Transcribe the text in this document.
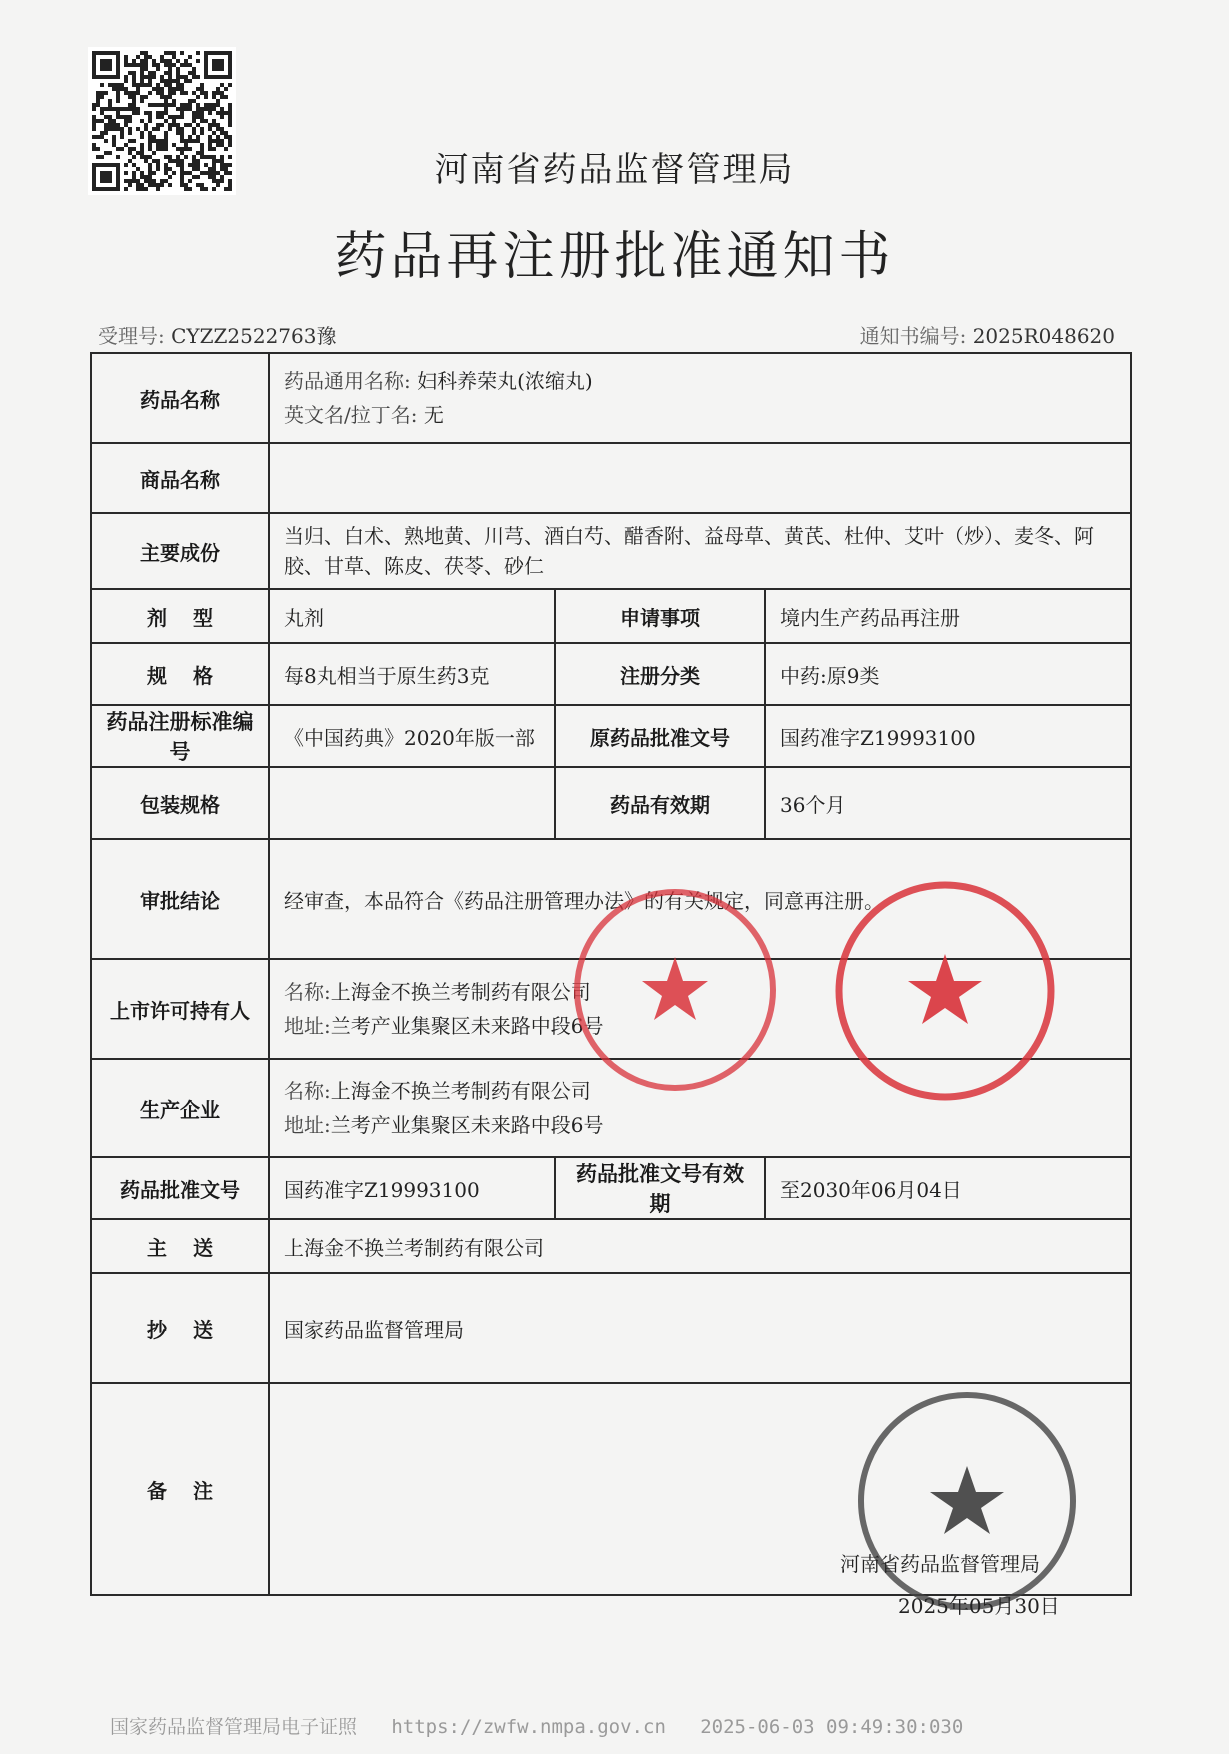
河南省药品监督管理局
药品再注册批准通知书
受理号: CYZZ2522763豫	通知书编号: 2025R048620
药品名称	药品通用名称: 妇科养荣丸(浓缩丸)
英文名/拉丁名: 无		

商品名称			
主要成份	当归、白术、熟地黄、川芎、酒白芍、醋香附、益母草、黄芪、杜仲、艾叶（炒）、麦冬、阿胶、甘草、陈皮、茯苓、砂仁		
剂型	丸剂	申请事项	境内生产药品再注册
规格	每8丸相当于原生药3克	注册分类	中药:原9类
药品注册标准编号	《中国药典》2020年版一部	原药品批准文号	国药准字Z19993100
包装规格		药品有效期	36个月
审批结论	经审查，本品符合《药品注册管理办法》的有关规定，同意再注册。		
上市许可持有人	名称:上海金不换兰考制药有限公司
地址:兰考产业集聚区未来路中段6号		

生产企业	名称:上海金不换兰考制药有限公司
地址:兰考产业集聚区未来路中段6号		

药品批准文号	国药准字Z19993100	药品批准文号有效期	至2030年06月04日
主送	上海金不换兰考制药有限公司		
抄送	国家药品监督管理局		
备注			
河南省药品监督管理局
2025年05月30日
国家药品监督管理局电子证照 https://zwfw.nmpa.gov.cn 2025-06-03 09:49:30:030
